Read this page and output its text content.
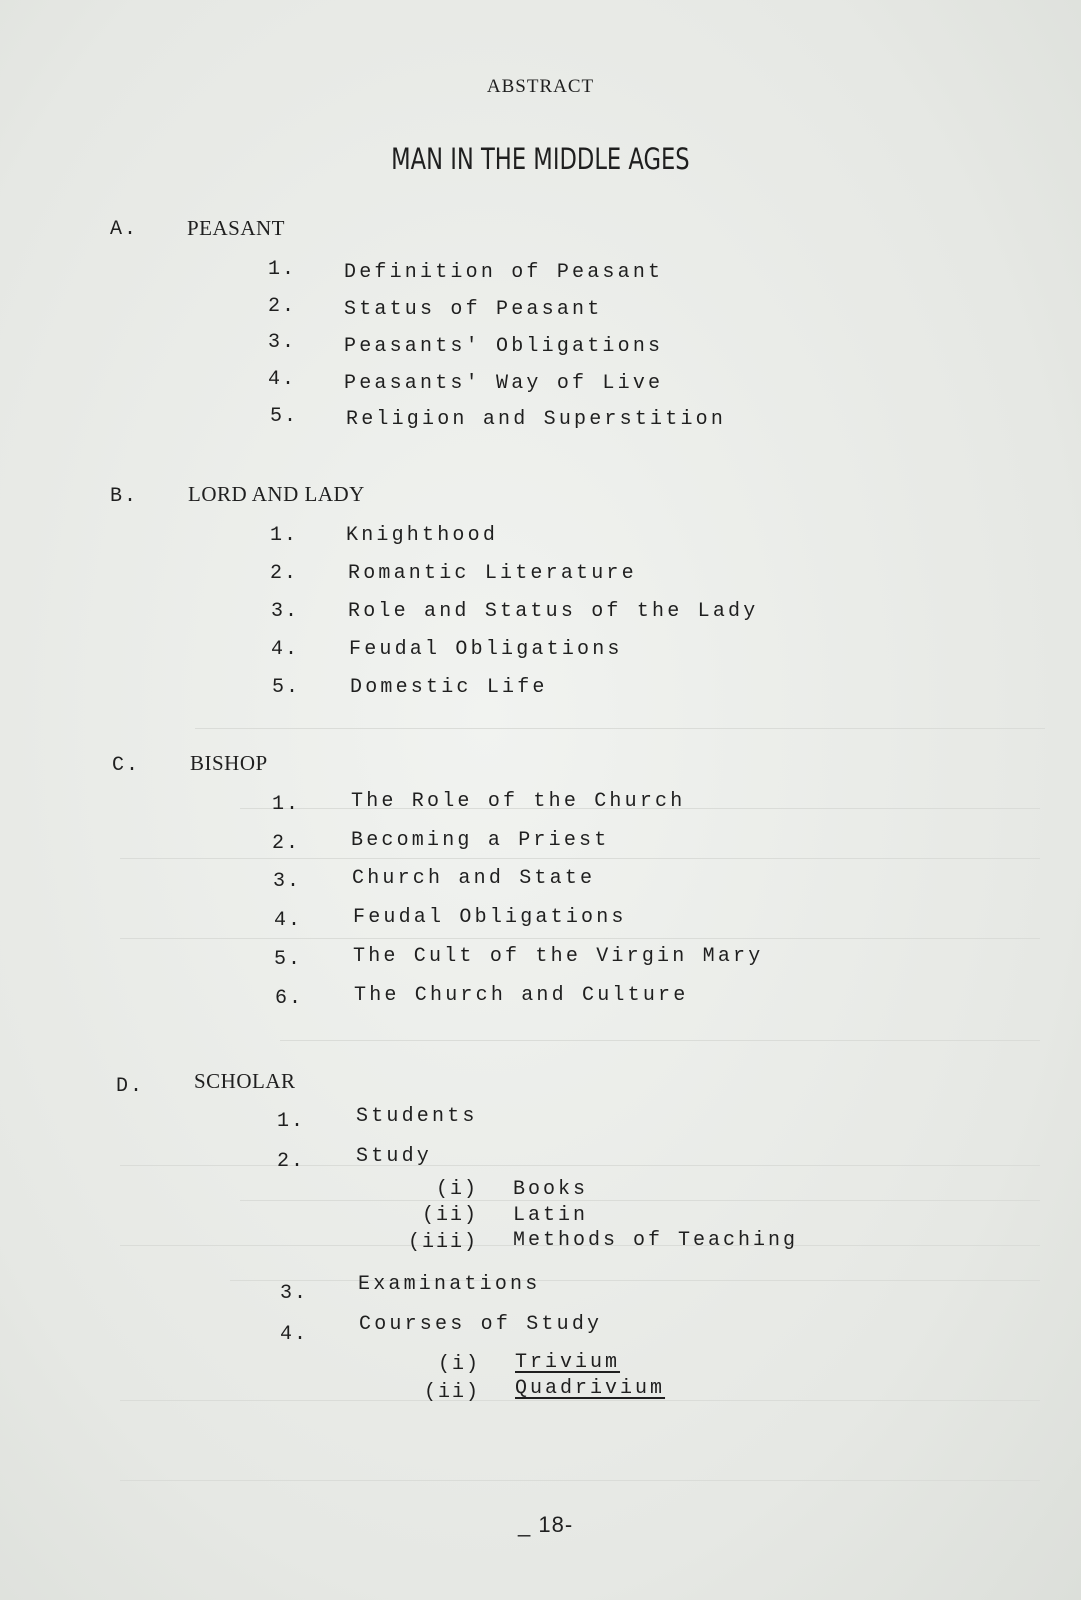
ABSTRACT
MAN IN THE MIDDLE AGES
A. PEASANT
1. Definition of Peasant
2. Status of Peasant
3. Peasants' Obligations
4. Peasants' Way of Live
5. Religion and Superstition
B. LORD AND LADY
1. Knighthood
2. Romantic Literature
3. Role and Status of the Lady
4. Feudal Obligations
5. Domestic Life
C. BISHOP
1.	The Role of the Church
2.	Becoming a Priest
3.	Church and State
4.	Feudal Obligations
5.	The Cult of the Virgin Mary
6.	The Church and Culture
D. SCHOLAR
1.	Students
2.	Study
(i) Books
(ii) Latin
(iii) Methods of Teaching
3. Examinations
4.	Courses of Study
(i) Trivium
(ii) Quadrivium
_ 18-
